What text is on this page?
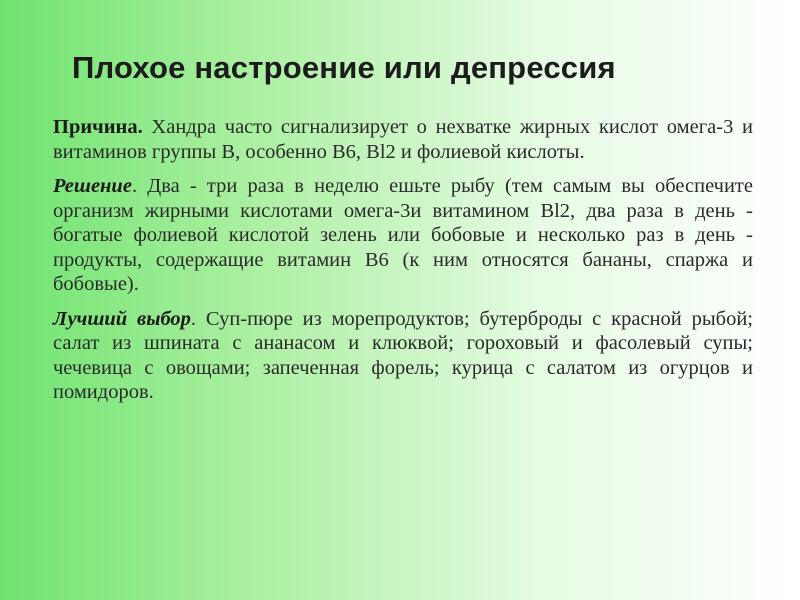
Плохое настроение или депрессия

Причина. Хандра часто сигнализирует о нехватке жирных кислот омега-3 и витаминов группы В, особенно В6, Bl2 и фолиевой кислоты.

Решение. Два - три раза в неделю ешьте рыбу (тем самым вы обеспечите организм жирными кислотами омега-3и витамином Bl2, два раза в день - богатые фолиевой кислотой зелень или бобовые и несколько раз в день - продукты, содержащие витамин В6 (к ним относятся бананы, спаржа и бобовые).

Лучший выбор. Суп-пюре из морепродуктов; бутерброды с красной рыбой; салат из шпината с ананасом и клюквой; гороховый и фасолевый супы; чечевица с овощами; запеченная форель; курица с салатом из огурцов и помидоров.
